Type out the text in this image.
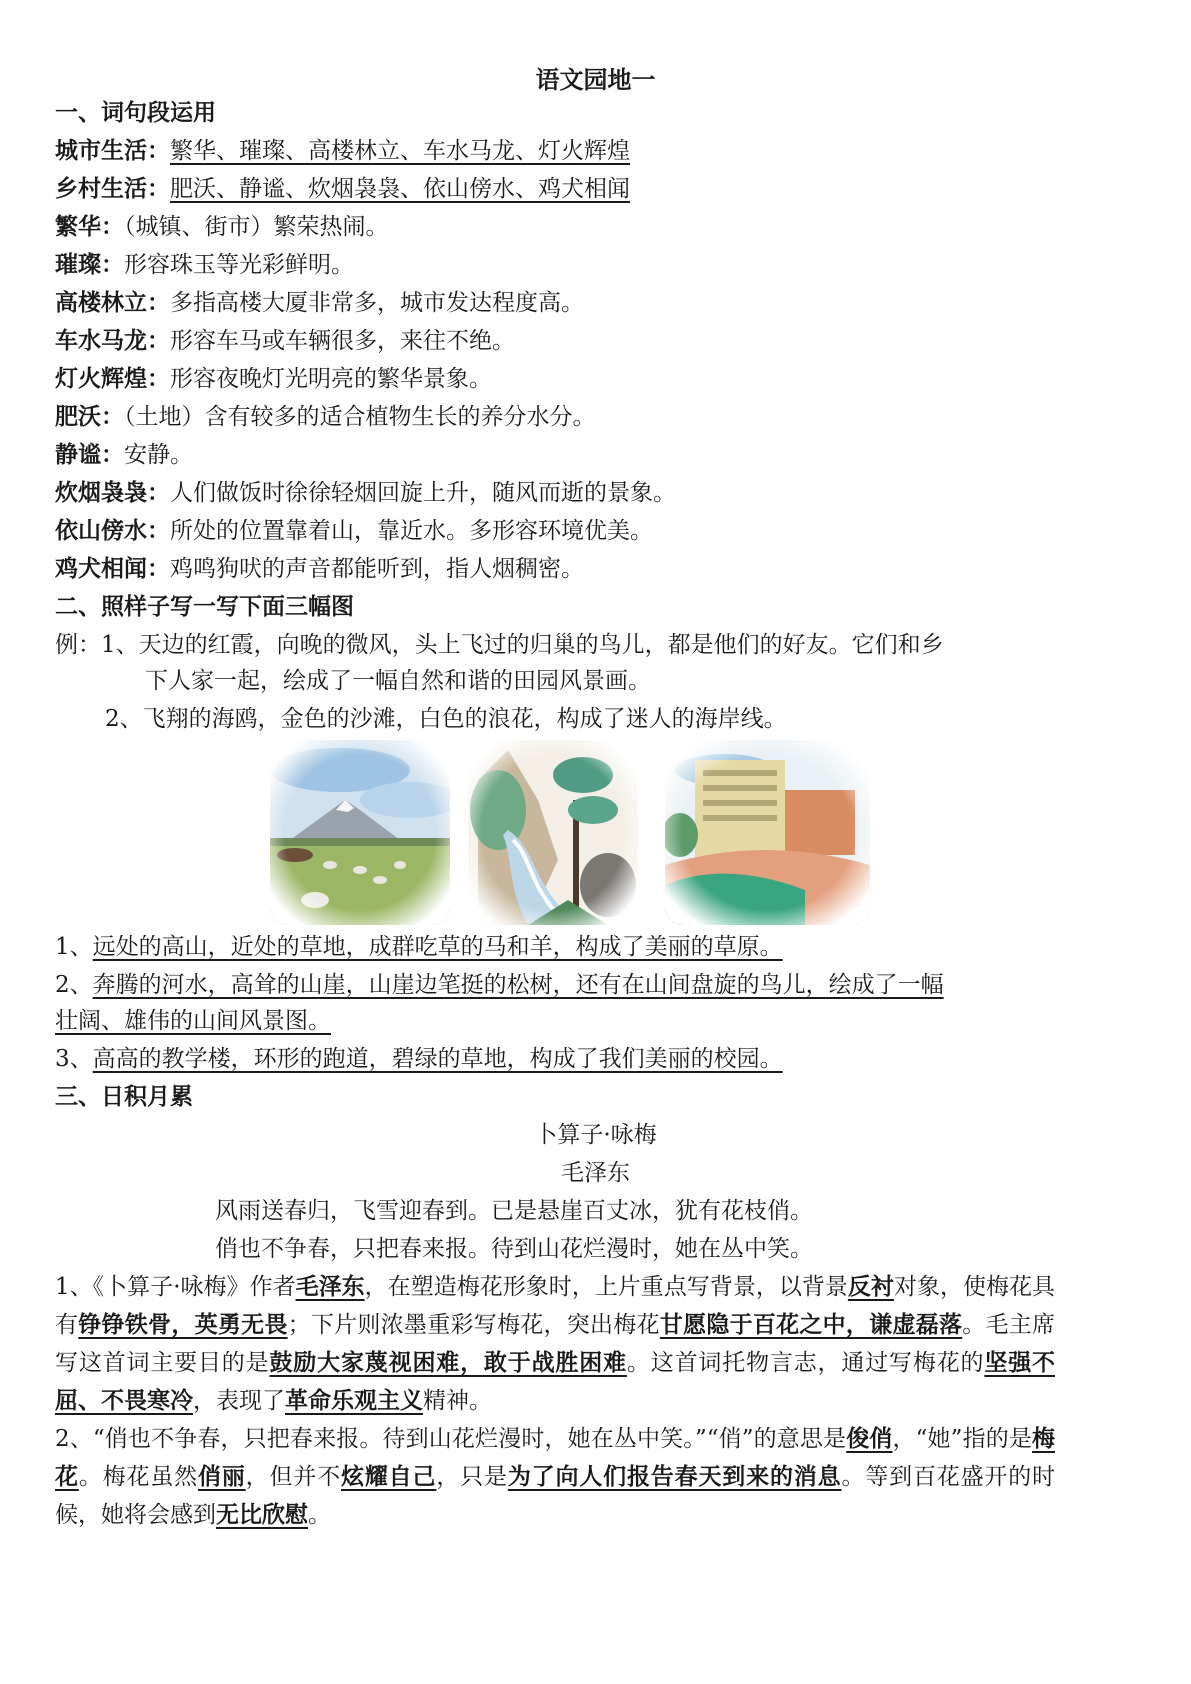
语文园地一
一、词句段运用
城市生活：繁华、璀璨、高楼林立、车水马龙、灯火辉煌
乡村生活：肥沃、静谧、炊烟袅袅、依山傍水、鸡犬相闻
繁华：（城镇、街市）繁荣热闹。
璀璨：形容珠玉等光彩鲜明。
高楼林立：多指高楼大厦非常多，城市发达程度高。
车水马龙：形容车马或车辆很多，来往不绝。
灯火辉煌：形容夜晚灯光明亮的繁华景象。
肥沃：（土地）含有较多的适合植物生长的养分水分。
静谧：安静。
炊烟袅袅：人们做饭时徐徐轻烟回旋上升，随风而逝的景象。
依山傍水：所处的位置靠着山，靠近水。多形容环境优美。
鸡犬相闻：鸡鸣狗吠的声音都能听到，指人烟稠密。
二、照样子写一写下面三幅图
例：1、天边的红霞，向晚的微风，头上飞过的归巢的鸟儿，都是他们的好友。它们和乡
下人家一起，绘成了一幅自然和谐的田园风景画。
2、飞翔的海鸥，金色的沙滩，白色的浪花，构成了迷人的海岸线。
1、远处的高山，近处的草地，成群吃草的马和羊，构成了美丽的草原。
2、奔腾的河水，高耸的山崖，山崖边笔挺的松树，还有在山间盘旋的鸟儿，绘成了一幅
壮阔、雄伟的山间风景图。
3、高高的教学楼，环形的跑道，碧绿的草地，构成了我们美丽的校园。
三、日积月累
卜算子·咏梅
毛泽东
风雨送春归，飞雪迎春到。已是悬崖百丈冰，犹有花枝俏。
俏也不争春，只把春来报。待到山花烂漫时，她在丛中笑。
1、《卜算子·咏梅》作者毛泽东，在塑造梅花形象时，上片重点写背景，以背景反衬对象，使梅花具有铮铮铁骨，英勇无畏；下片则浓墨重彩写梅花，突出梅花甘愿隐于百花之中，谦虚磊落。毛主席写这首词主要目的是鼓励大家蔑视困难，敢于战胜困难。这首词托物言志，通过写梅花的坚强不屈、不畏寒冷，表现了革命乐观主义精神。
2、“俏也不争春，只把春来报。待到山花烂漫时，她在丛中笑。”“俏”的意思是俊俏，“她”指的是梅花。梅花虽然俏丽，但并不炫耀自己，只是为了向人们报告春天到来的消息。等到百花盛开的时候，她将会感到无比欣慰。
